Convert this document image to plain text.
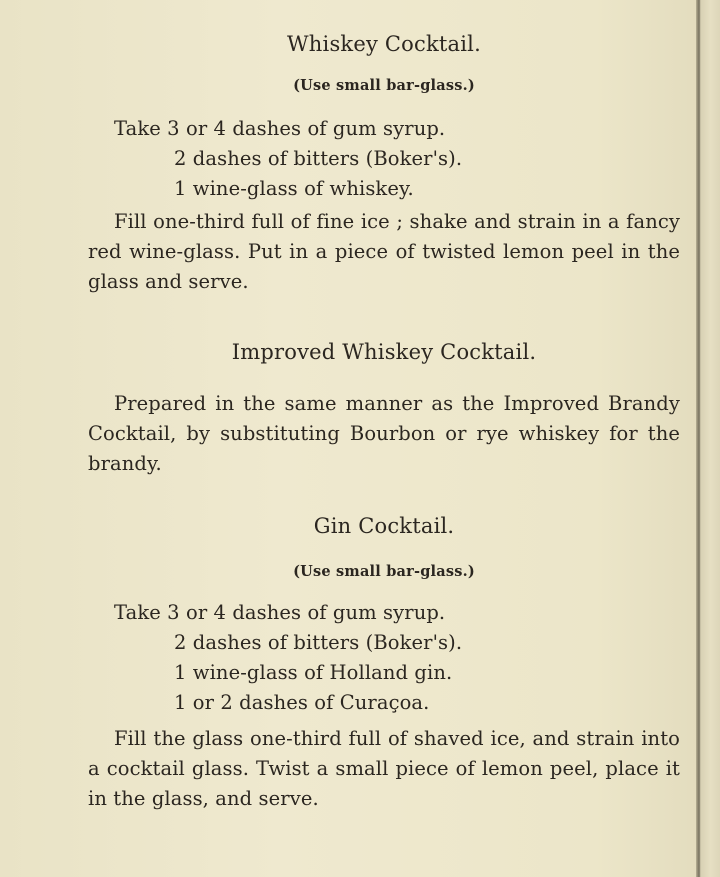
Whiskey Cocktail.
(Use small bar-glass.)
Take 3 or 4 dashes of gum syrup.
2 dashes of bitters (Boker's).
1 wine-glass of whiskey.
Fill one-third full of fine ice ; shake and strain in a fancy red wine-glass. Put in a piece of twisted lemon peel in the glass and serve.
Improved Whiskey Cocktail.
Prepared in the same manner as the Improved Brandy Cocktail, by substituting Bourbon or rye whiskey for the brandy.
Gin Cocktail.
(Use small bar-glass.)
Take 3 or 4 dashes of gum syrup.
2 dashes of bitters (Boker's).
1 wine-glass of Holland gin.
1 or 2 dashes of Curaçoa.
Fill the glass one-third full of shaved ice, and strain into a cocktail glass. Twist a small piece of lemon peel, place it in the glass, and serve.
